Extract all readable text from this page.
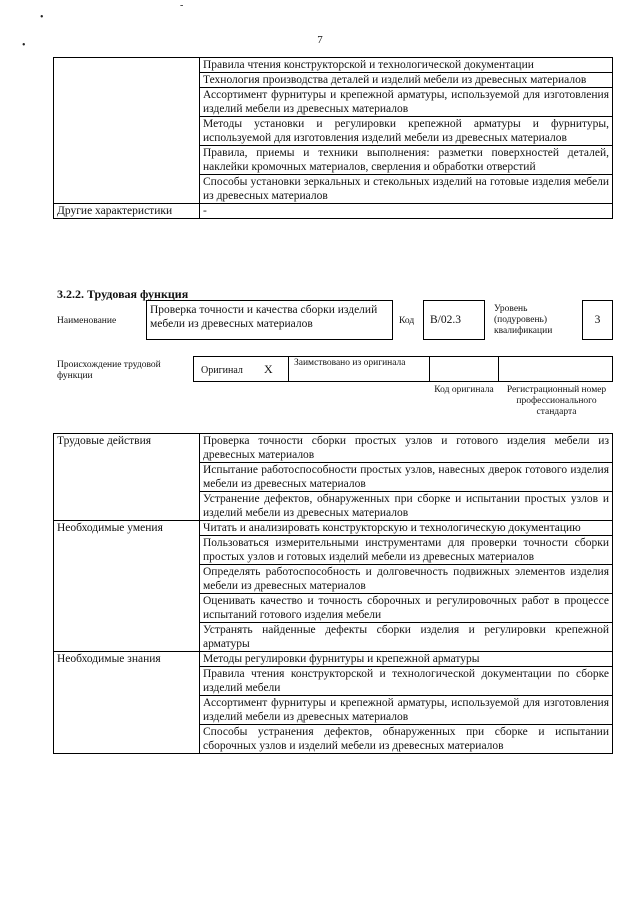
-
•
•	7
	Правила чтения конструкторской и технологической документации
	Технология производства деталей и изделий мебели из древесных материалов
	Ассортимент фурнитуры и крепежной арматуры, используемой для изготовления изделий мебели из древесных материалов
	Методы установки и регулировки крепежной арматуры и фурнитуры, используемой для изготовления изделий мебели из древесных материалов
	Правила, приемы и техники выполнения: разметки поверхностей деталей, наклейки кромочных материалов, сверления и обработки отверстий
	Способы установки зеркальных и стекольных изделий на готовые изделия мебели из древесных материалов
Другие характеристики	-
3.2.2. Трудовая функция
Наименование
Проверка точности и качества сборки изделий мебели из древесных материалов	Код	В/02.3
Уровень (подуровень) квалификации
3
Происхождение трудовой функции	Оригинал X	Заимствовано из оригинала
Код оригинала	Регистрационный номер профессионального стандарта
Трудовые действия	Проверка точности сборки простых узлов и готового изделия мебели из древесных материалов
	Испытание работоспособности простых узлов, навесных дверок готового изделия мебели из древесных материалов
	Устранение дефектов, обнаруженных при сборке и испытании простых узлов и изделий мебели из древесных материалов
Необходимые умения	Читать и анализировать конструкторскую и технологическую документацию
	Пользоваться измерительными инструментами для проверки точности сборки простых узлов и готовых изделий мебели из древесных материалов
	Определять работоспособность и долговечность подвижных элементов изделия мебели из древесных материалов
	Оценивать качество и точность сборочных и регулировочных работ в процессе испытаний готового изделия мебели
	Устранять найденные дефекты сборки изделия и регулировки крепежной арматуры
Необходимые знания	Методы регулировки фурнитуры и крепежной арматуры
	Правила чтения конструкторской и технологической документации по сборке изделий мебели
	Ассортимент фурнитуры и крепежной арматуры, используемой для изготовления изделий мебели из древесных материалов
	Способы устранения дефектов, обнаруженных при сборке и испытании сборочных узлов и изделий мебели из древесных материалов
